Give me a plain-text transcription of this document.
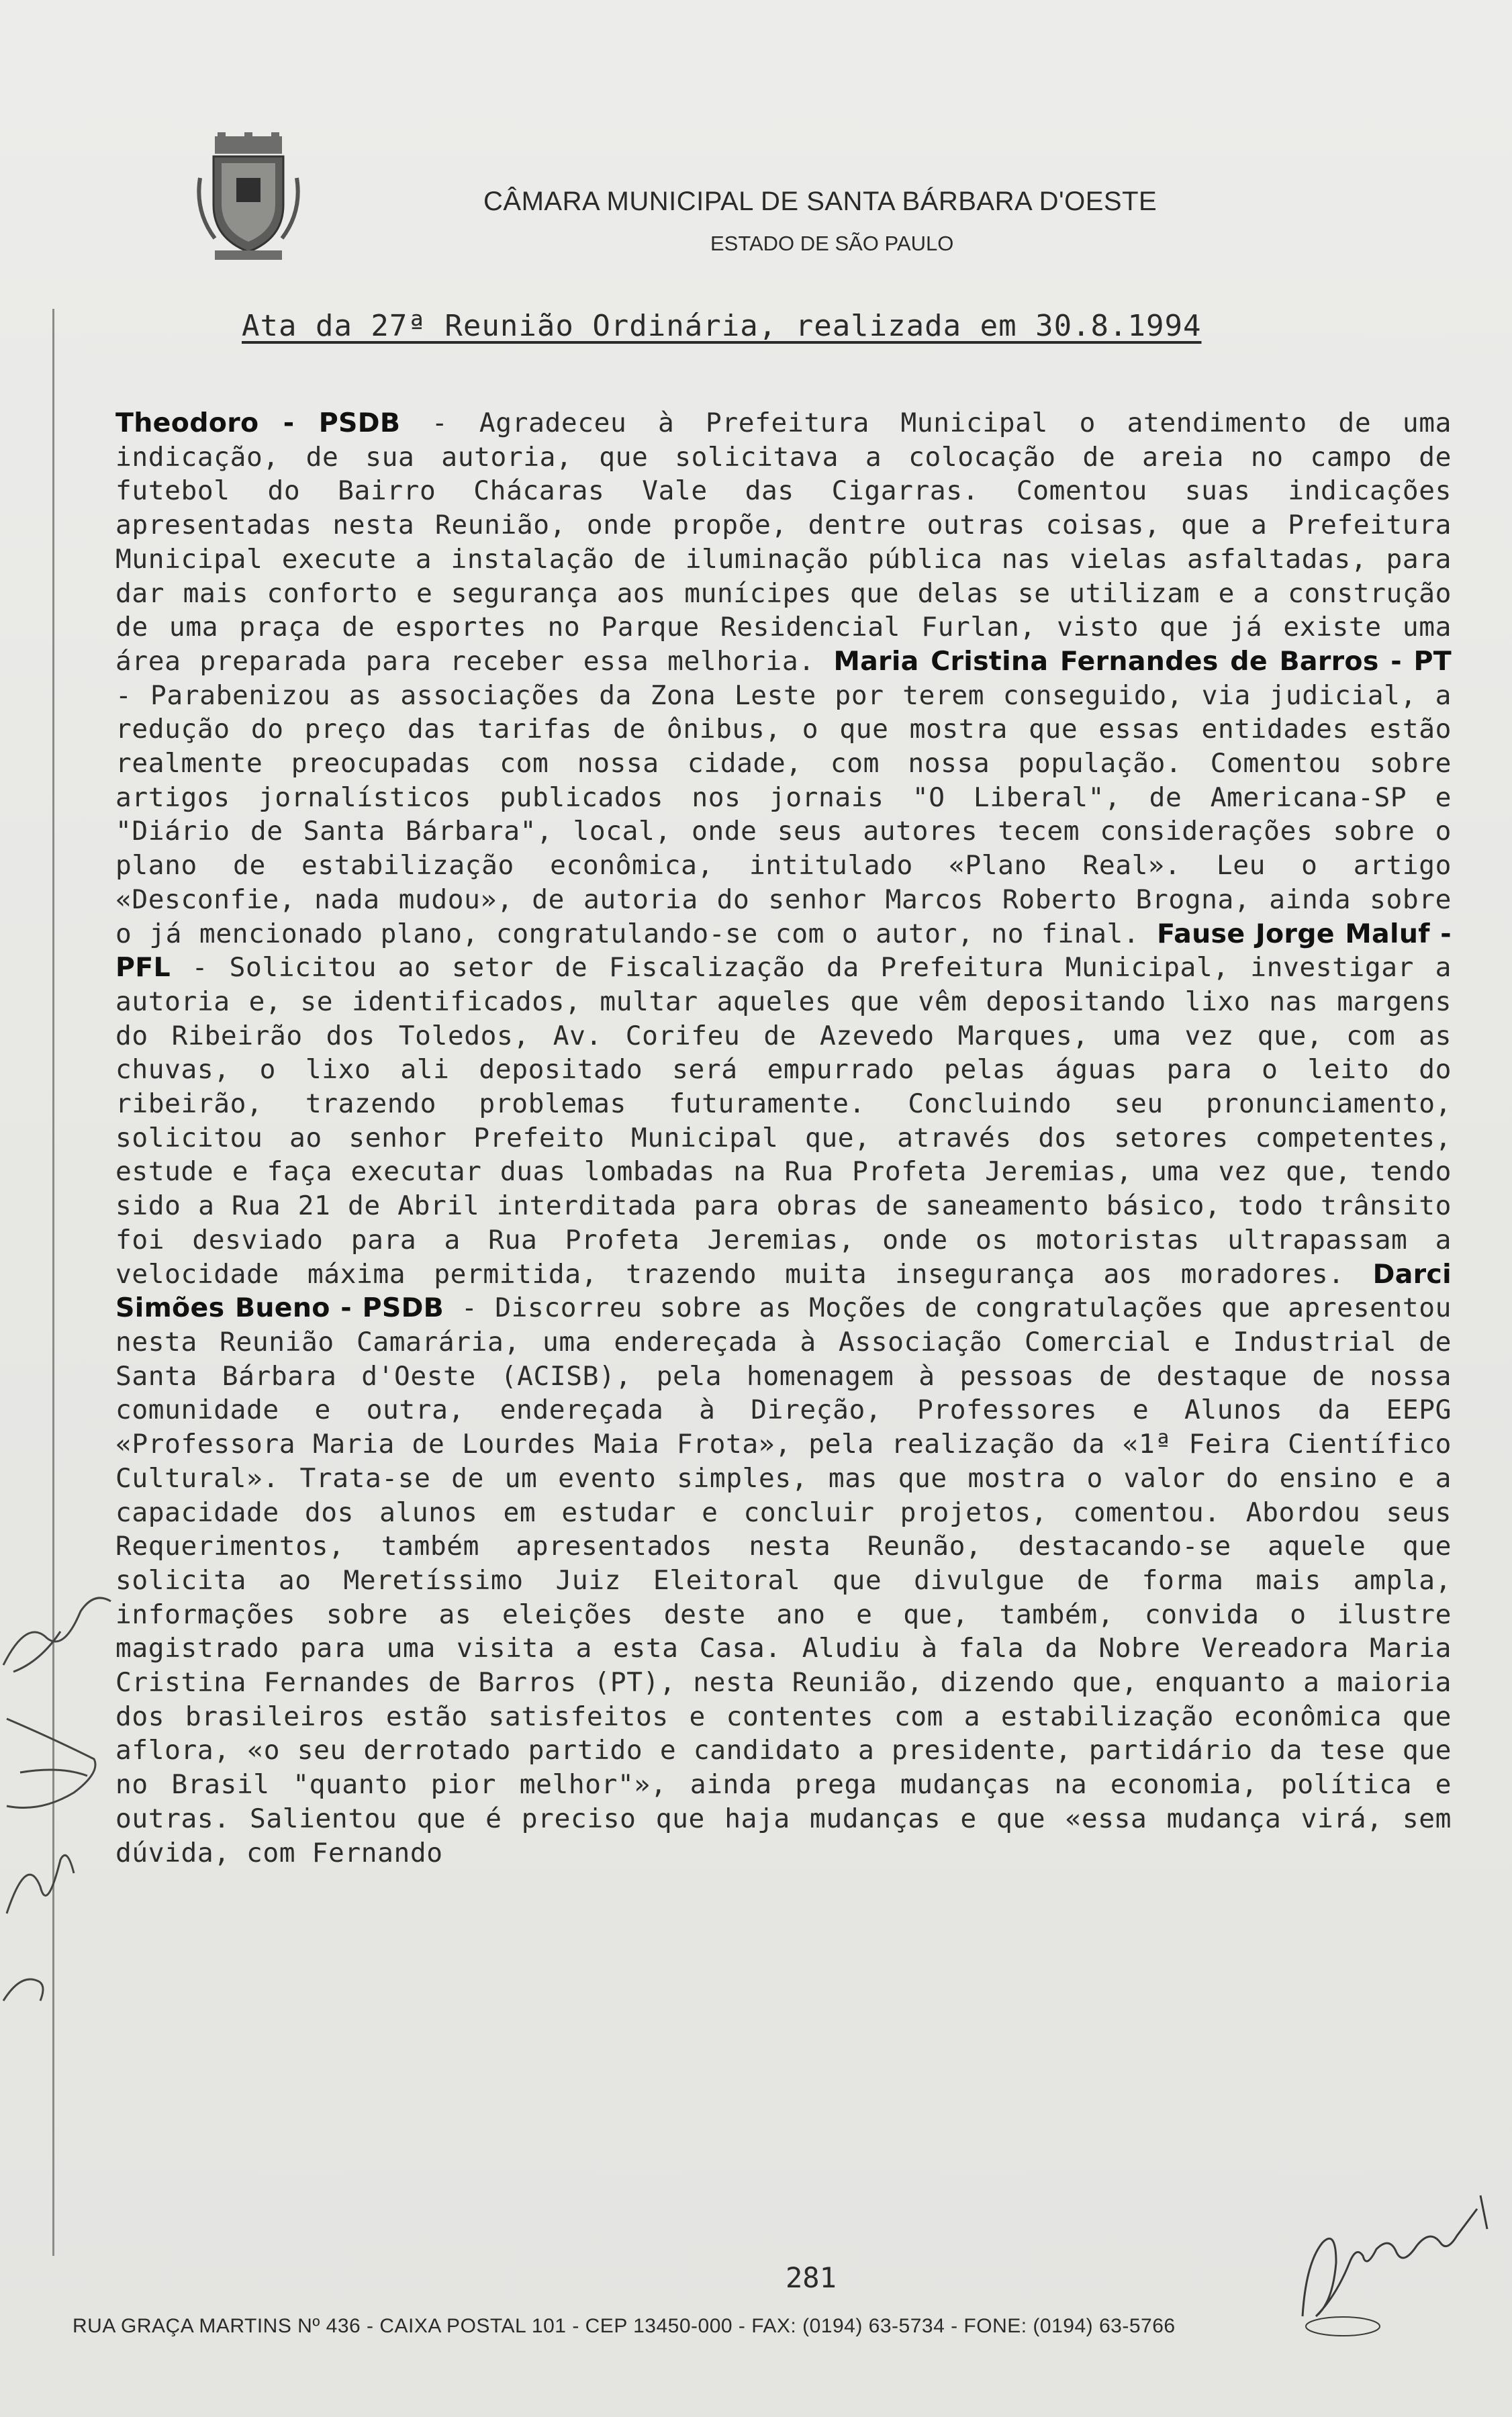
CÂMARA MUNICIPAL DE SANTA BÁRBARA D'OESTE
ESTADO DE SÃO PAULO
Ata da 27ª Reunião Ordinária, realizada em 30.8.1994
Theodoro - PSDB - Agradeceu à Prefeitura Municipal o atendimento de uma indicação, de sua autoria, que solicitava a colocação de areia no campo de futebol do Bairro Chácaras Vale das Cigarras. Comentou suas indicações apresentadas nesta Reunião, onde propõe, dentre outras coisas, que a Prefeitura Municipal execute a instalação de iluminação pública nas vielas asfaltadas, para dar mais conforto e segurança aos munícipes que delas se utilizam e a construção de uma praça de esportes no Parque Residencial Furlan, visto que já existe uma área preparada para receber essa melhoria. Maria Cristina Fernandes de Barros - PT - Parabenizou as associações da Zona Leste por terem conseguido, via judicial, a redução do preço das tarifas de ônibus, o que mostra que essas entidades estão realmente preocupadas com nossa cidade, com nossa população. Comentou sobre artigos jornalísticos publicados nos jornais "O Liberal", de Americana-SP e "Diário de Santa Bárbara", local, onde seus autores tecem considerações sobre o plano de estabilização econômica, intitulado «Plano Real». Leu o artigo «Desconfie, nada mudou», de autoria do senhor Marcos Roberto Brogna, ainda sobre o já mencionado plano, congratulando-se com o autor, no final. Fause Jorge Maluf - PFL - Solicitou ao setor de Fiscalização da Prefeitura Municipal, investigar a autoria e, se identificados, multar aqueles que vêm depositando lixo nas margens do Ribeirão dos Toledos, Av. Corifeu de Azevedo Marques, uma vez que, com as chuvas, o lixo ali depositado será empurrado pelas águas para o leito do ribeirão, trazendo problemas futuramente. Concluindo seu pronunciamento, solicitou ao senhor Prefeito Municipal que, através dos setores competentes, estude e faça executar duas lombadas na Rua Profeta Jeremias, uma vez que, tendo sido a Rua 21 de Abril interditada para obras de saneamento básico, todo trânsito foi desviado para a Rua Profeta Jeremias, onde os motoristas ultrapassam a velocidade máxima permitida, trazendo muita insegurança aos moradores. Darci Simões Bueno - PSDB - Discorreu sobre as Moções de congratulações que apresentou nesta Reunião Camarária, uma endereçada à Associação Comercial e Industrial de Santa Bárbara d'Oeste (ACISB), pela homenagem à pessoas de destaque de nossa comunidade e outra, endereçada à Direção, Professores e Alunos da EEPG «Professora Maria de Lourdes Maia Frota», pela realização da «1ª Feira Científico Cultural». Trata-se de um evento simples, mas que mostra o valor do ensino e a capacidade dos alunos em estudar e concluir projetos, comentou. Abordou seus Requerimentos, também apresentados nesta Reunão, destacando-se aquele que solicita ao Meretíssimo Juiz Eleitoral que divulgue de forma mais ampla, informações sobre as eleições deste ano e que, também, convida o ilustre magistrado para uma visita a esta Casa. Aludiu à fala da Nobre Vereadora Maria Cristina Fernandes de Barros (PT), nesta Reunião, dizendo que, enquanto a maioria dos brasileiros estão satisfeitos e contentes com a estabilização econômica que aflora, «o seu derrotado partido e candidato a presidente, partidário da tese que no Brasil "quanto pior melhor"», ainda prega mudanças na economia, política e outras. Salientou que é preciso que haja mudanças e que «essa mudança virá, sem dúvida, com Fernando
281
RUA GRAÇA MARTINS Nº 436 - CAIXA POSTAL 101 - CEP 13450-000 - FAX: (0194) 63-5734 - FONE: (0194) 63-5766
